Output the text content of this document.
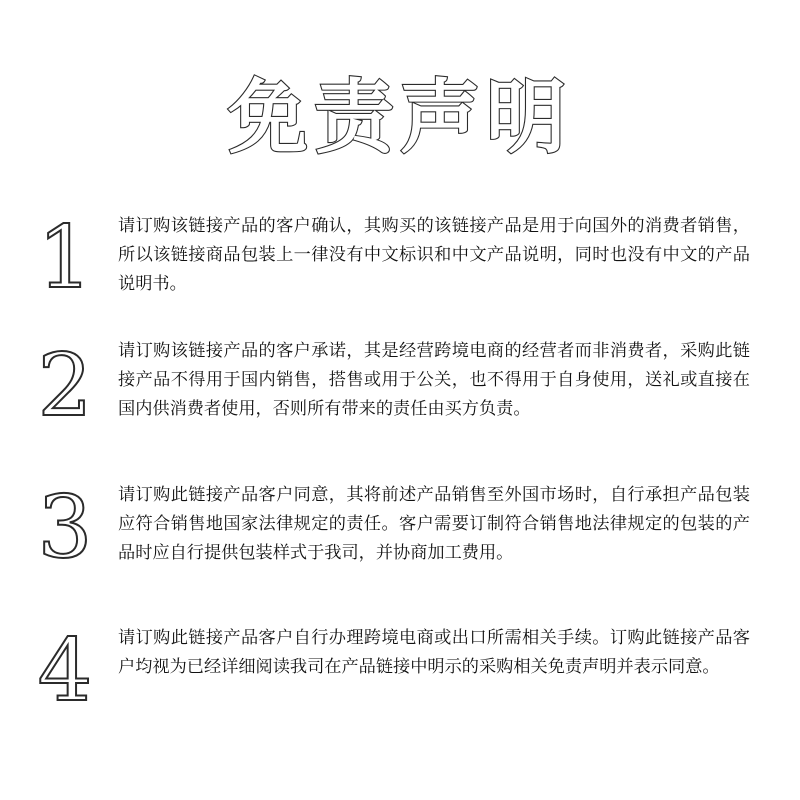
免责声明
1	请订购该链接产品的客户确认，其购买的该链接产品是用于向国外的消费者销售，所以该链接商品包装上一律没有中文标识和中文产品说明，同时也没有中文的产品说明书。
2	请订购该链接产品的客户承诺，其是经营跨境电商的经营者而非消费者，采购此链接产品不得用于国内销售，搭售或用于公关，也不得用于自身使用，送礼或直接在国内供消费者使用，否则所有带来的责任由买方负责。
3	请订购此链接产品客户同意，其将前述产品销售至外国市场时，自行承担产品包装应符合销售地国家法律规定的责任。客户需要订制符合销售地法律规定的包装的产品时应自行提供包装样式于我司，并协商加工费用。
4	请订购此链接产品客户自行办理跨境电商或出口所需相关手续。订购此链接产品客户均视为已经详细阅读我司在产品链接中明示的采购相关免责声明并表示同意。
